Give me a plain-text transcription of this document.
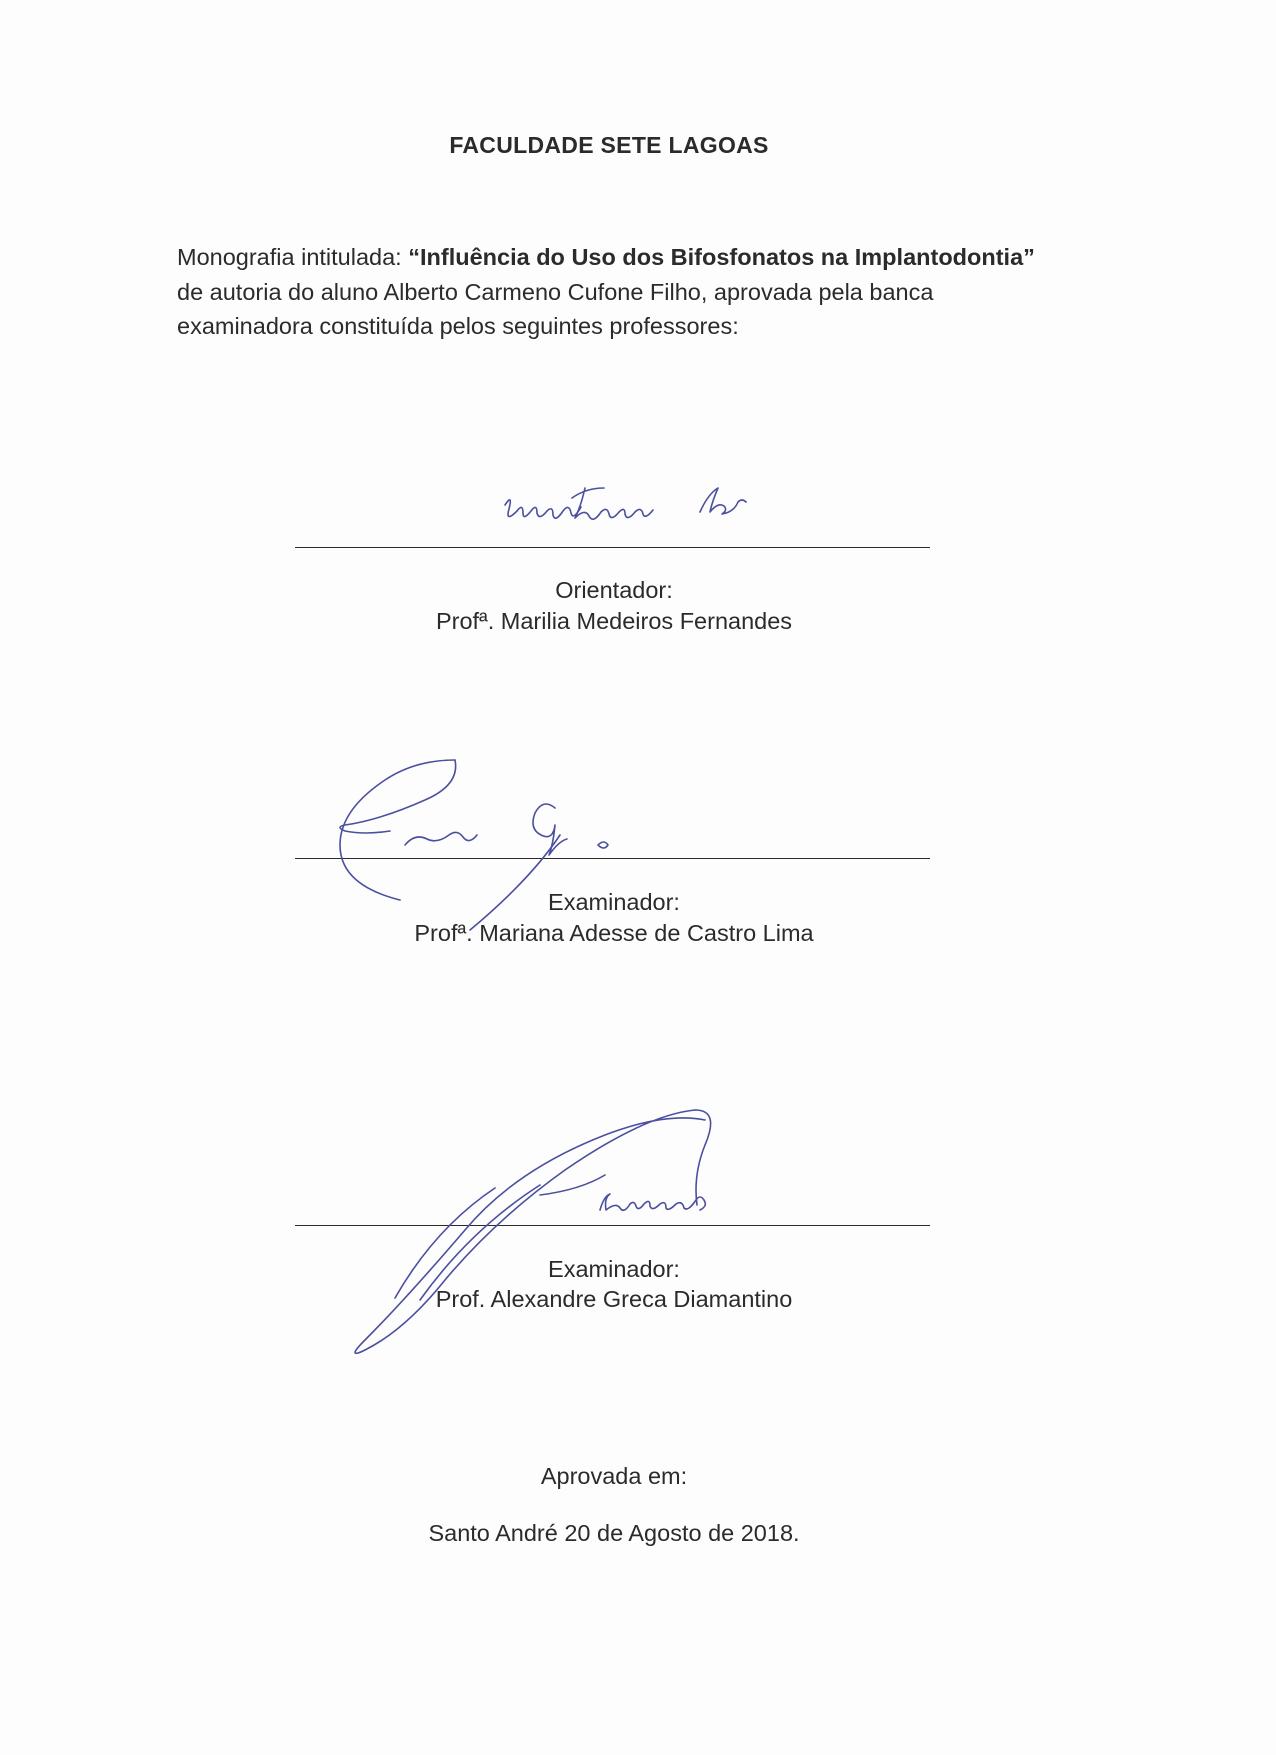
FACULDADE SETE LAGOAS
Monografia intitulada: “Influência do Uso dos Bifosfonatos na Implantodontia” de autoria do aluno Alberto Carmeno Cufone Filho, aprovada pela banca examinadora constituída pelos seguintes professores:
Orientador:
Profª. Marilia Medeiros Fernandes
Examinador:
Profª. Mariana Adesse de Castro Lima
Examinador:
Prof. Alexandre Greca Diamantino
Aprovada em:
Santo André 20 de Agosto de 2018.
